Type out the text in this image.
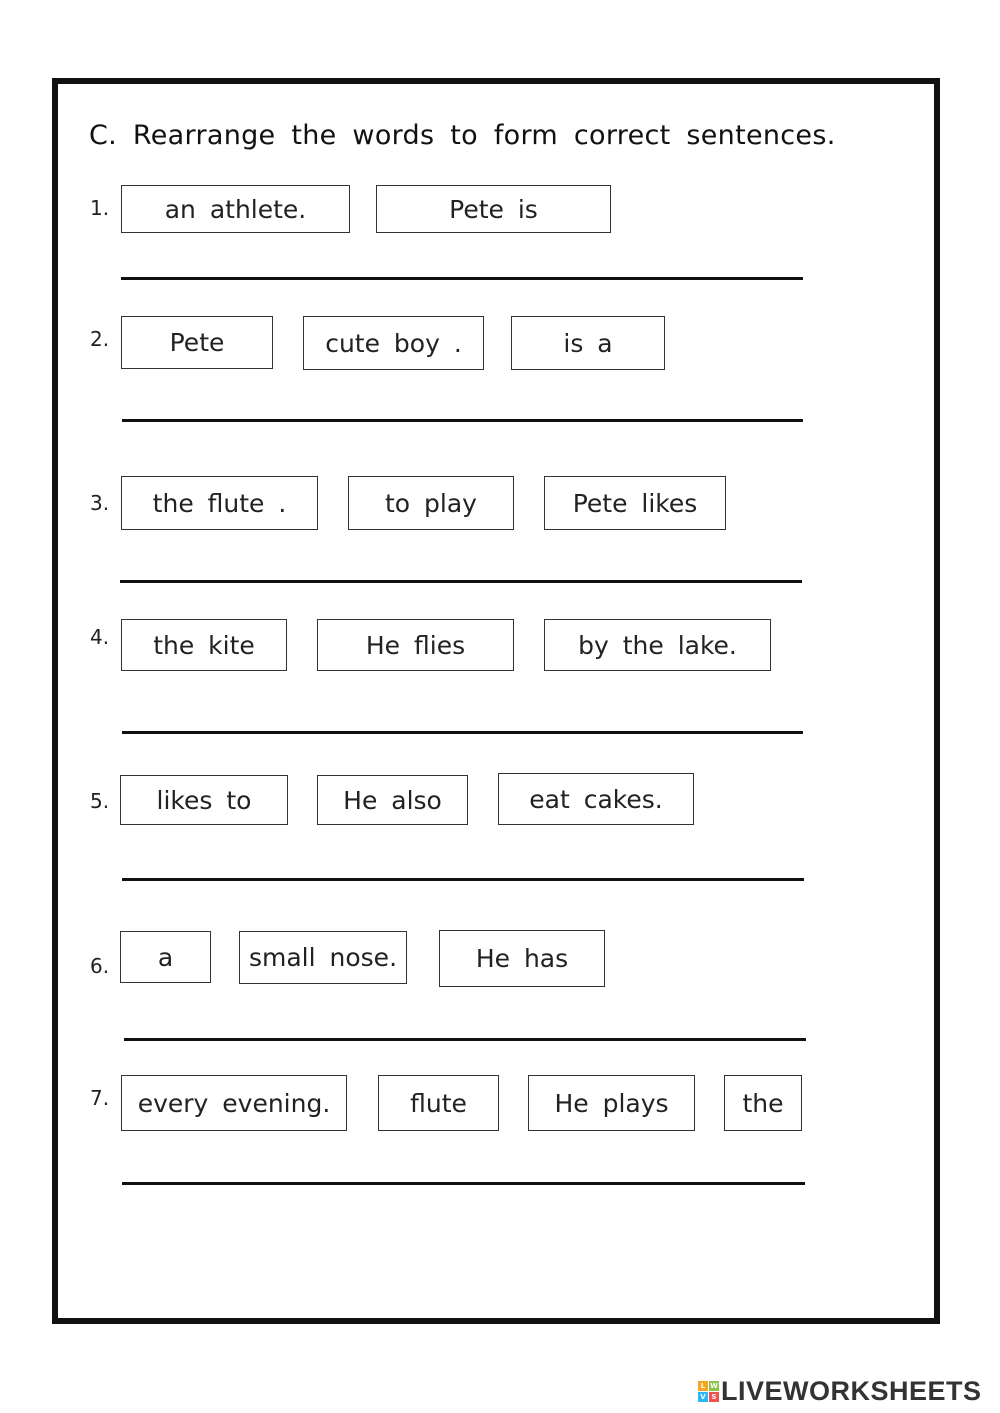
C. Rearrange the words to form correct sentences.
1.	an athlete.	Pete is
2.	Pete	cute boy .	is a
3.	the flute .	to play	Pete likes
4.	the kite	He flies	by the lake.
5.	likes to	He also	eat cakes.
6.	a	small nose.	He has
7.	every evening.	flute	He plays	the
L W
V S LIVEWORKSHEETS
